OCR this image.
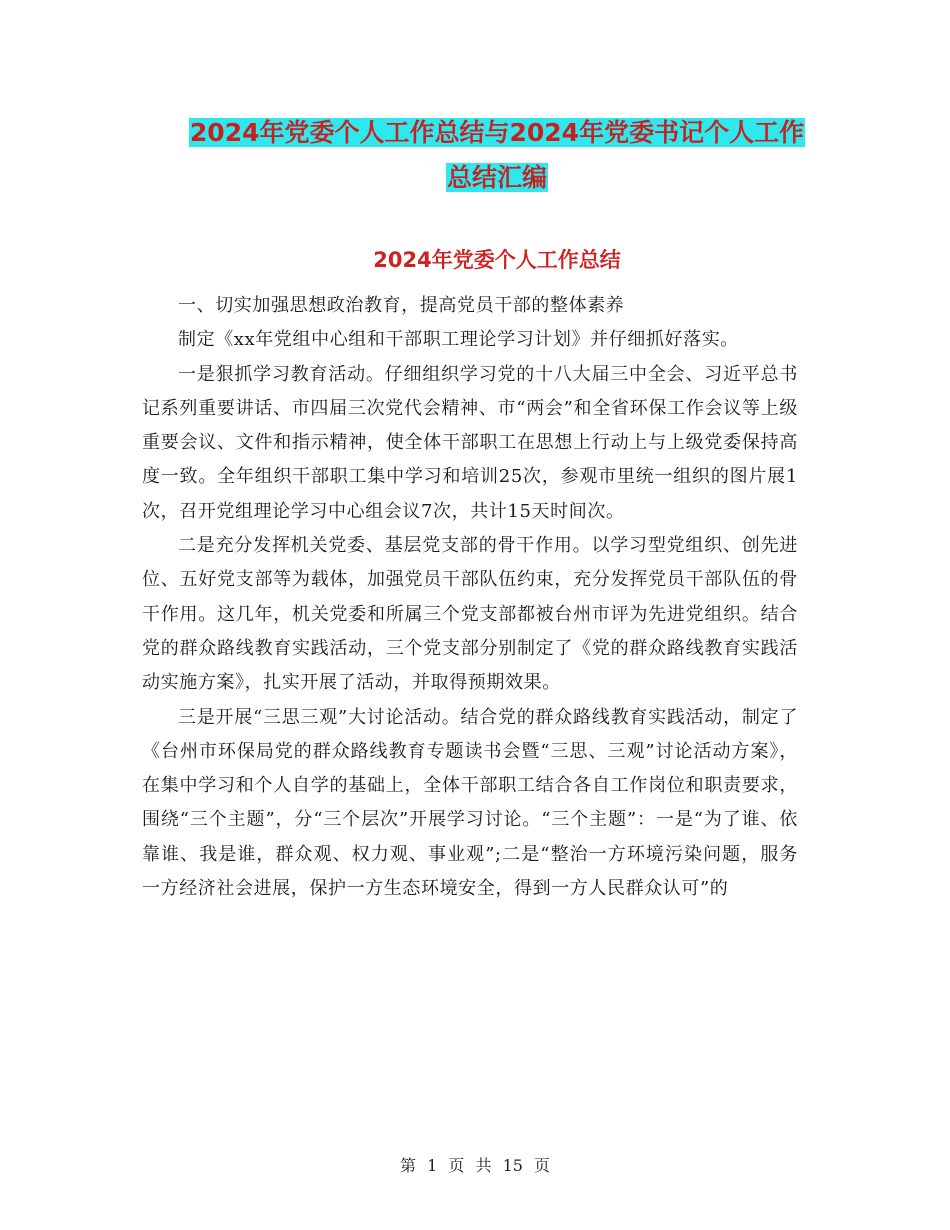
2024年党委个人工作总结与2024年党委书记个人工作
总结汇编
2024年党委个人工作总结

一、切实加强思想政治教育，提高党员干部的整体素养

制定《xx年党组中心组和干部职工理论学习计划》并仔细抓好落实。

一是狠抓学习教育活动。仔细组织学习党的十八大届三中全会、习近平总书记系列重要讲话、市四届三次党代会精神、市“两会”和全省环保工作会议等上级重要会议、文件和指示精神，使全体干部职工在思想上行动上与上级党委保持高度一致。全年组织干部职工集中学习和培训25次，参观市里统一组织的图片展1次，召开党组理论学习中心组会议7次，共计15天时间次。

二是充分发挥机关党委、基层党支部的骨干作用。以学习型党组织、创先进位、五好党支部等为载体，加强党员干部队伍约束，充分发挥党员干部队伍的骨干作用。这几年，机关党委和所属三个党支部都被台州市评为先进党组织。结合党的群众路线教育实践活动，三个党支部分别制定了《党的群众路线教育实践活动实施方案》，扎实开展了活动，并取得预期效果。

三是开展“三思三观”大讨论活动。结合党的群众路线教育实践活动，制定了《台州市环保局党的群众路线教育专题读书会暨“三思、三观”讨论活动方案》，在集中学习和个人自学的基础上，全体干部职工结合各自工作岗位和职责要求，围绕“三个主题”，分“三个层次”开展学习讨论。“三个主题”：一是“为了谁、依靠谁、我是谁，群众观、权力观、事业观”;二是“整治一方环境污染问题，服务一方经济社会进展，保护一方生态环境安全，得到一方人民群众认可”的

第 1 页 共 15 页
